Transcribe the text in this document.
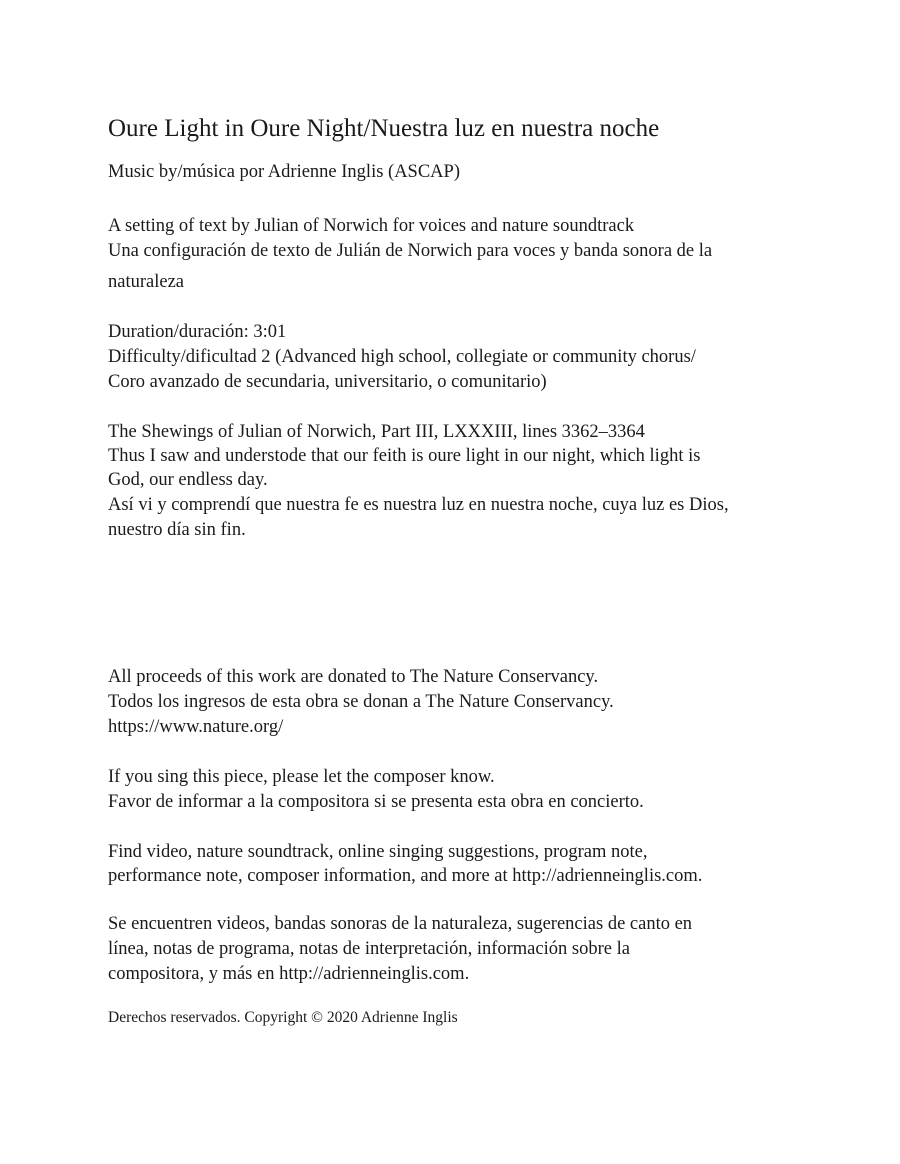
Oure Light in Oure Night/Nuestra luz en nuestra noche
Music by/música por Adrienne Inglis (ASCAP)
A setting of text by Julian of Norwich for voices and nature soundtrack
Una configuración de texto de Julián de Norwich para voces y banda sonora de la
naturaleza
Duration/duración: 3:01
Difficulty/dificultad 2 (Advanced high school, collegiate or community chorus/
Coro avanzado de secundaria, universitario, o comunitario)
The Shewings of Julian of Norwich, Part III, LXXXIII, lines 3362–3364
Thus I saw and understode that our feith is oure light in our night, which light is
God, our endless day.
Así vi y comprendí que nuestra fe es nuestra luz en nuestra noche, cuya luz es Dios,
nuestro día sin fin.
All proceeds of this work are donated to The Nature Conservancy.
Todos los ingresos de esta obra se donan a The Nature Conservancy.
https://www.nature.org/
If you sing this piece, please let the composer know.
Favor de informar a la compositora si se presenta esta obra en concierto.
Find video, nature soundtrack, online singing suggestions, program note,
performance note, composer information, and more at http://adrienneinglis.com.
Se encuentren videos, bandas sonoras de la naturaleza, sugerencias de canto en
línea, notas de programa, notas de interpretación, información sobre la
compositora, y más en http://adrienneinglis.com.
Derechos reservados. Copyright © 2020 Adrienne Inglis
